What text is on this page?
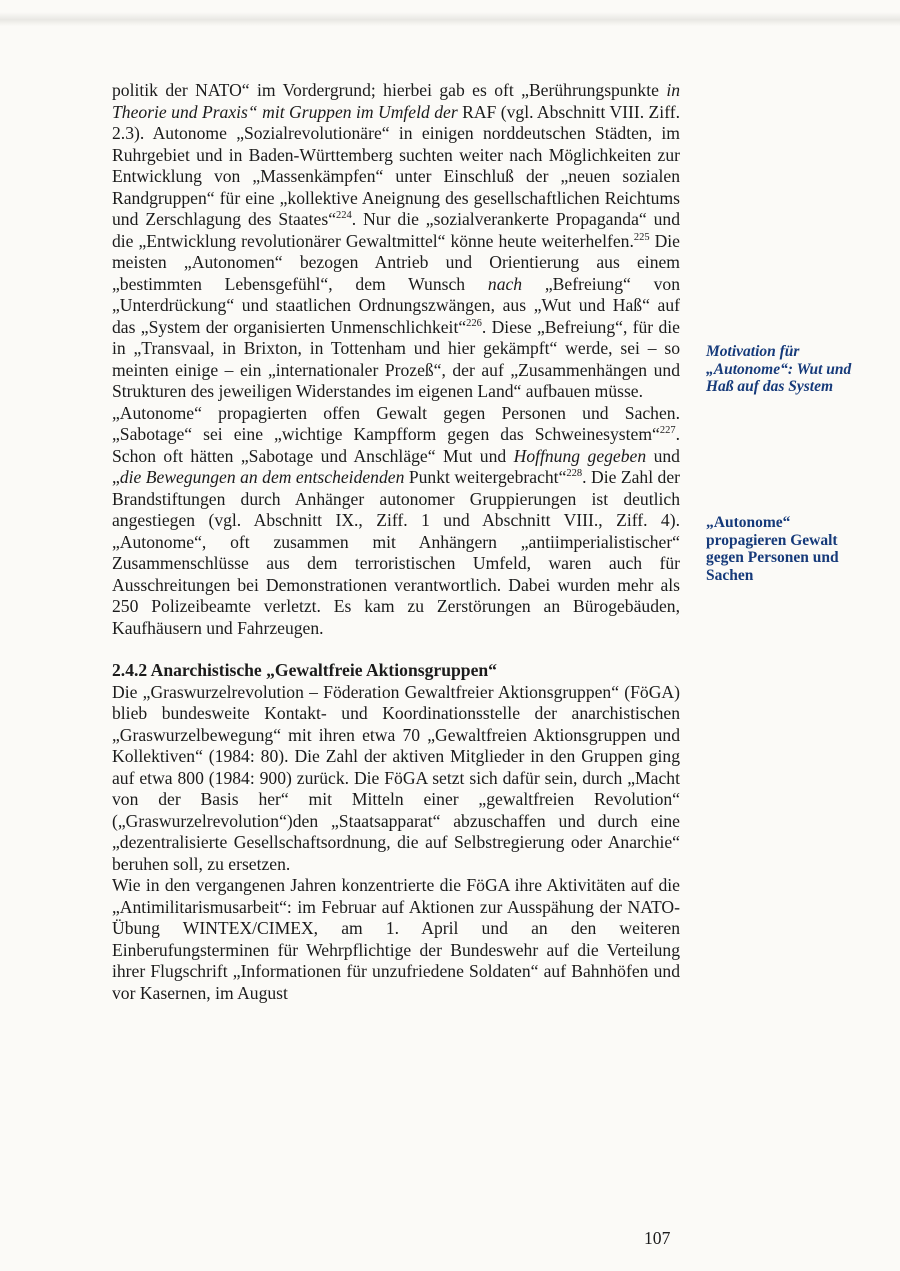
politik der NATO“ im Vordergrund; hierbei gab es oft „Berührungspunkte in Theorie und Praxis“ mit Gruppen im Umfeld der RAF (vgl. Abschnitt VIII. Ziff. 2.3). Autonome „Sozialrevolutionäre“ in einigen norddeutschen Städten, im Ruhrgebiet und in Baden-Württemberg suchten weiter nach Möglichkeiten zur Entwicklung von „Massenkämpfen“ unter Einschluß der „neuen sozialen Randgruppen“ für eine „kollektive Aneignung des gesellschaftlichen Reichtums und Zerschlagung des Staates“$^{224}$. Nur die „sozialverankerte Propaganda“ und die „Entwicklung revolutionärer Gewaltmittel“ könne heute weiterhelfen.$^{225}$ Die meisten „Autonomen“ bezogen Antrieb und Orientierung aus einem „bestimmten Lebensgefühl“, dem Wunsch nach „Befreiung“ von „Unterdrückung“ und staatlichen Ordnungszwängen, aus „Wut und Haß“ auf das „System der organisierten Unmenschlichkeit“$^{226}$. Diese „Befreiung“, für die in „Transvaal, in Brixton, in Tottenham und hier gekämpft“ werde, sei – so meinten einige – ein „internationaler Prozeß“, der auf „Zusammenhängen und Strukturen des jeweiligen Widerstandes im eigenen Land“ aufbauen müsse.

„Autonome“ propagierten offen Gewalt gegen Personen und Sachen. „Sabotage“ sei eine „wichtige Kampfform gegen das Schweinesystem“$^{227}$. Schon oft hätten „Sabotage und Anschläge“ Mut und Hoffnung gegeben und „die Bewegungen an dem entscheidenden Punkt weitergebracht“$^{228}$. Die Zahl der Brandstiftungen durch Anhänger autonomer Gruppierungen ist deutlich angestiegen (vgl. Abschnitt IX., Ziff. 1 und Abschnitt VIII., Ziff. 4). „Autonome“, oft zusammen mit Anhängern „antiimperialistischer“ Zusammenschlüsse aus dem terroristischen Umfeld, waren auch für Ausschreitungen bei Demonstrationen verantwortlich. Dabei wurden mehr als 250 Polizeibeamte verletzt. Es kam zu Zerstörungen an Bürogebäuden, Kaufhäusern und Fahrzeugen.

2.4.2 Anarchistische „Gewaltfreie Aktionsgruppen“

Die „Graswurzelrevolution – Föderation Gewaltfreier Aktionsgruppen“ (FöGA) blieb bundesweite Kontakt- und Koordinationsstelle der anarchistischen „Graswurzelbewegung“ mit ihren etwa 70 „Gewaltfreien Aktionsgruppen und Kollektiven“ (1984: 80). Die Zahl der aktiven Mitglieder in den Gruppen ging auf etwa 800 (1984: 900) zurück. Die FöGA setzt sich dafür sein, durch „Macht von der Basis her“ mit Mitteln einer „gewaltfreien Revolution“ („Graswurzelrevolution“)den „Staatsapparat“ abzuschaffen und durch eine „dezentralisierte Gesellschaftsordnung, die auf Selbstregierung oder Anarchie“ beruhen soll, zu ersetzen.

Wie in den vergangenen Jahren konzentrierte die FöGA ihre Aktivitäten auf die „Antimilitarismusarbeit“: im Februar auf Aktionen zur Ausspähung der NATO-Übung WINTEX/CIMEX, am 1. April und an den weiteren Einberufungsterminen für Wehrpflichtige der Bundeswehr auf die Verteilung ihrer Flugschrift „Informationen für unzufriedene Soldaten“ auf Bahnhöfen und vor Kasernen, im August

Motivation für „Autonome“: Wut und Haß auf das System

„Autonome“ propagieren Gewalt gegen Personen und Sachen

107
